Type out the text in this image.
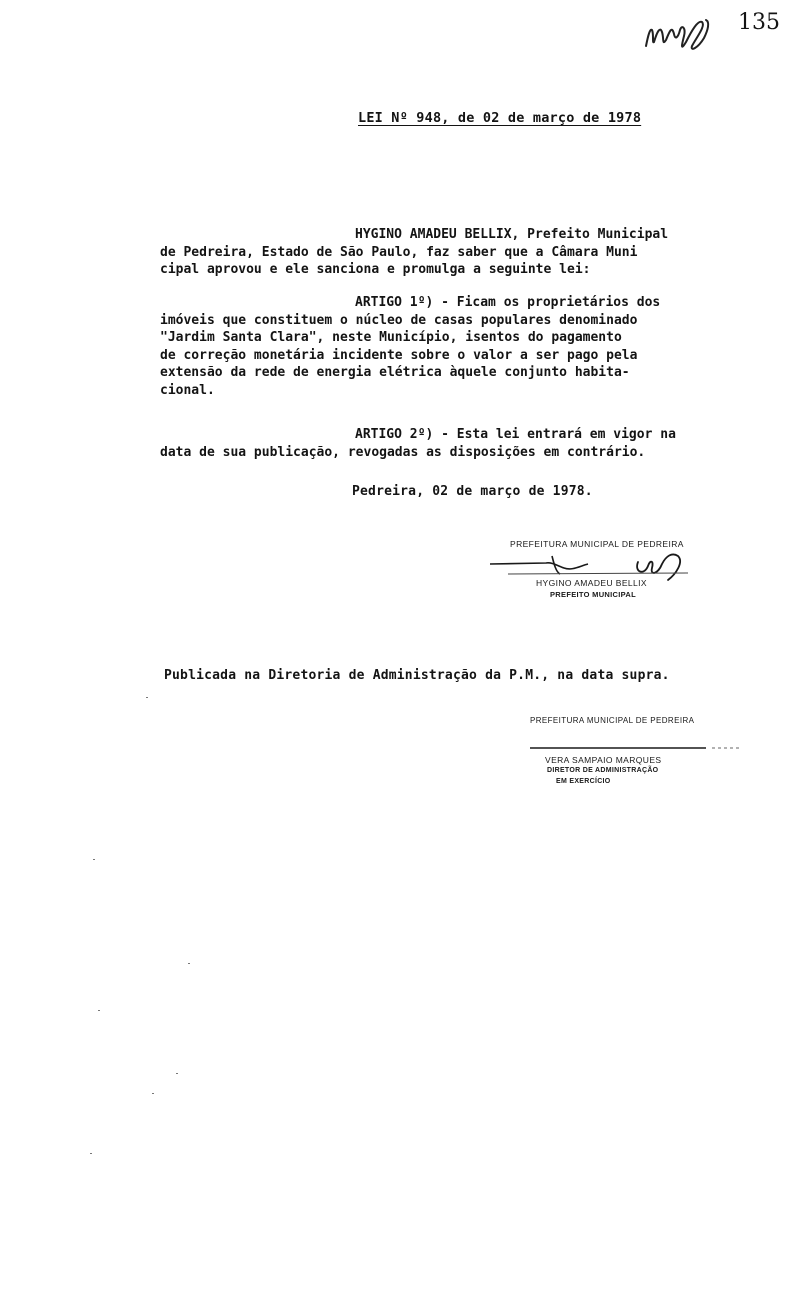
135
LEI Nº 948, de 02 de março de 1978
HYGINO AMADEU BELLIX, Prefeito Municipal
de Pedreira, Estado de São Paulo, faz saber que a Câmara Muni
cipal aprovou e ele sanciona e promulga a seguinte lei:
ARTIGO 1º) - Ficam os proprietários dos
imóveis que constituem o núcleo de casas populares denominado
"Jardim Santa Clara", neste Município, isentos do pagamento
de correção monetária incidente sobre o valor a ser pago pela
extensão da rede de energia elétrica àquele conjunto habita-
cional.
ARTIGO 2º) - Esta lei entrará em vigor na
data de sua publicação, revogadas as disposições em contrário.
Pedreira, 02 de março de 1978.
PREFEITURA MUNICIPAL DE PEDREIRA
HYGINO AMADEU BELLIX
PREFEITO MUNICIPAL
Publicada na Diretoria de Administração da P.M., na data supra.
PREFEITURA MUNICIPAL DE PEDREIRA
VERA SAMPAIO MARQUES
DIRETOR DE ADMINISTRAÇÃO
EM EXERCÍCIO
